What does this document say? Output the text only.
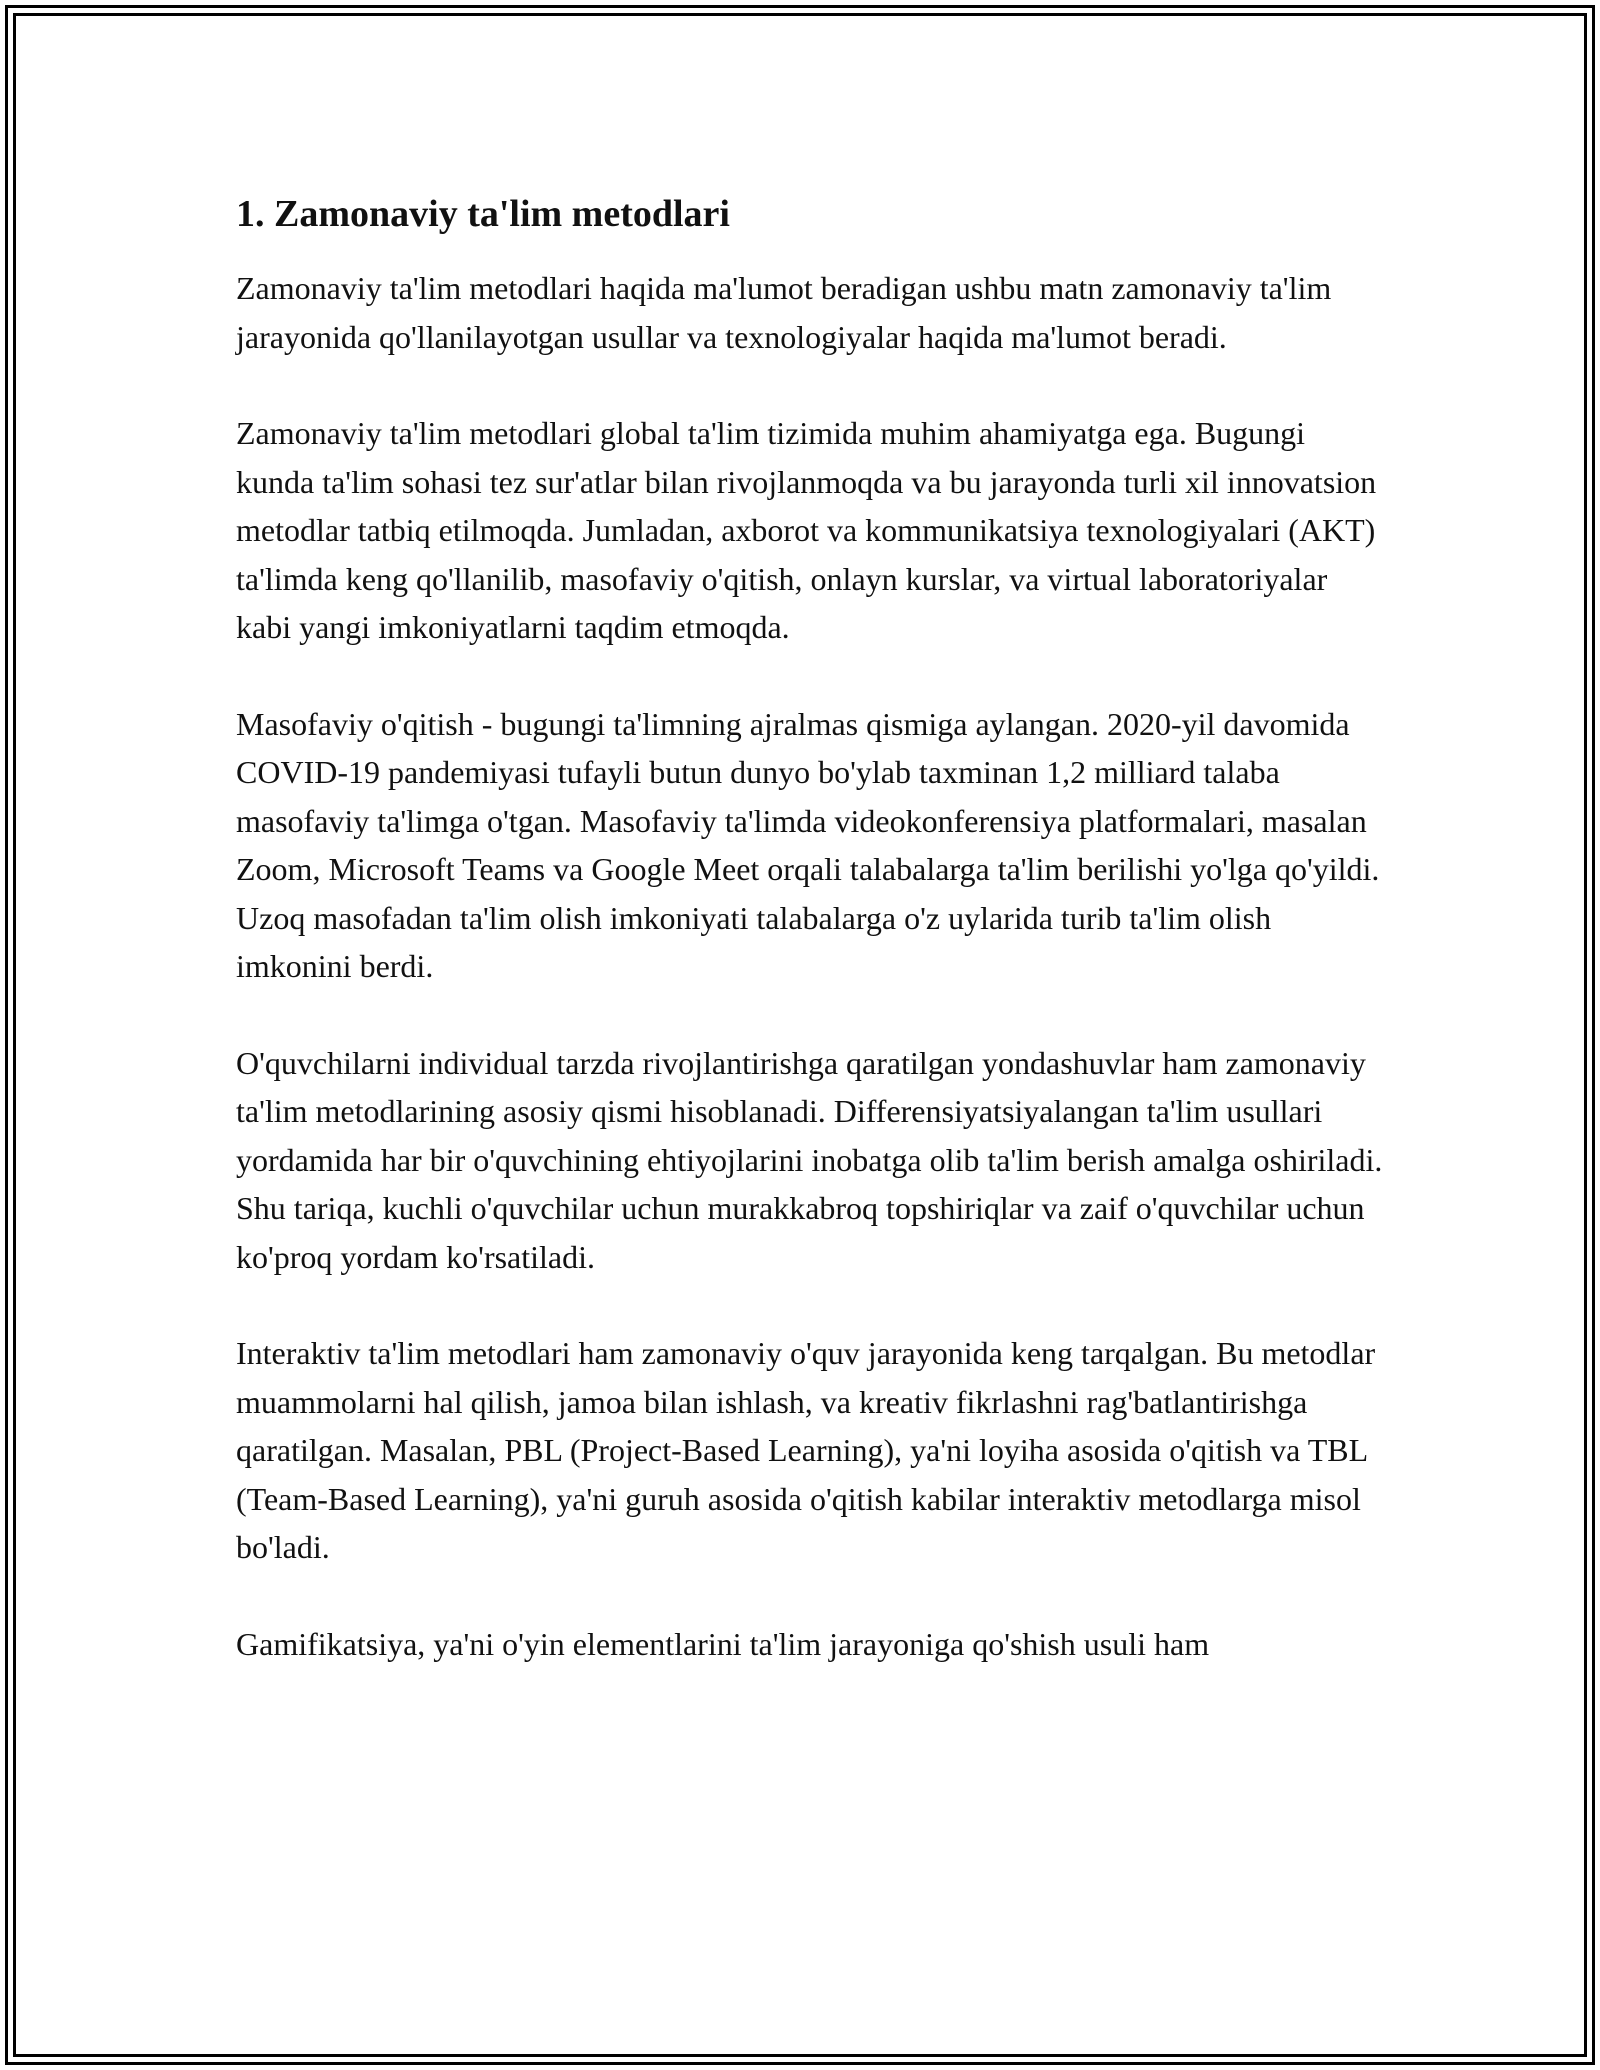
1. Zamonaviy ta'lim metodlari

Zamonaviy ta'lim metodlari haqida ma'lumot beradigan ushbu matn zamonaviy ta'lim jarayonida qo'llanilayotgan usullar va texnologiyalar haqida ma'lumot beradi.

Zamonaviy ta'lim metodlari global ta'lim tizimida muhim ahamiyatga ega. Bugungi kunda ta'lim sohasi tez sur'atlar bilan rivojlanmoqda va bu jarayonda turli xil innovatsion metodlar tatbiq etilmoqda. Jumladan, axborot va kommunikatsiya texnologiyalari (AKT) ta'limda keng qo'llanilib, masofaviy o'qitish, onlayn kurslar, va virtual laboratoriyalar kabi yangi imkoniyatlarni taqdim etmoqda.

Masofaviy o'qitish - bugungi ta'limning ajralmas qismiga aylangan. 2020-yil davomida COVID-19 pandemiyasi tufayli butun dunyo bo'ylab taxminan 1,2 milliard talaba masofaviy ta'limga o'tgan. Masofaviy ta'limda videokonferensiya platformalari, masalan Zoom, Microsoft Teams va Google Meet orqali talabalarga ta'lim berilishi yo'lga qo'yildi. Uzoq masofadan ta'lim olish imkoniyati talabalarga o'z uylarida turib ta'lim olish imkonini berdi.

O'quvchilarni individual tarzda rivojlantirishga qaratilgan yondashuvlar ham zamonaviy ta'lim metodlarining asosiy qismi hisoblanadi. Differensiyatsiyalangan ta'lim usullari yordamida har bir o'quvchining ehtiyojlarini inobatga olib ta'lim berish amalga oshiriladi. Shu tariqa, kuchli o'quvchilar uchun murakkabroq topshiriqlar va zaif o'quvchilar uchun ko'proq yordam ko'rsatiladi.

Interaktiv ta'lim metodlari ham zamonaviy o'quv jarayonida keng tarqalgan. Bu metodlar muammolarni hal qilish, jamoa bilan ishlash, va kreativ fikrlashni rag'batlantirishga qaratilgan. Masalan, PBL (Project-Based Learning), ya'ni loyiha asosida o'qitish va TBL (Team-Based Learning), ya'ni guruh asosida o'qitish kabilar interaktiv metodlarga misol bo'ladi.

Gamifikatsiya, ya'ni o'yin elementlarini ta'lim jarayoniga qo'shish usuli ham
